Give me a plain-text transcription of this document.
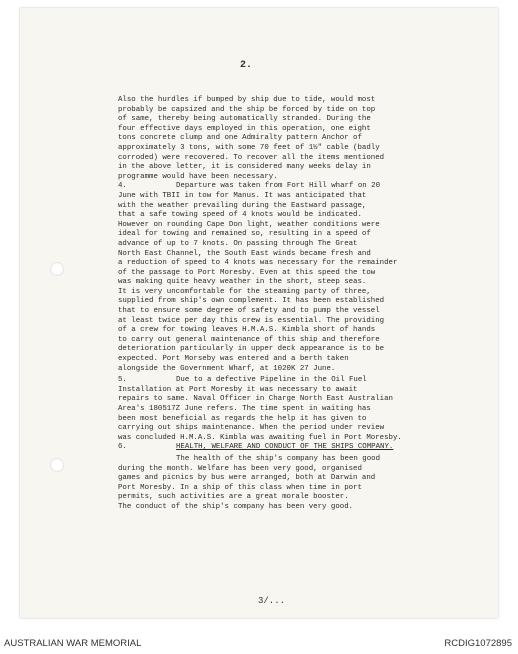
2.
Also the hurdles if bumped by ship due to tide, would most
probably be capsized and the ship be forced by tide on top
of same, thereby being automatically stranded. During the
four effective days employed in this operation, one eight
tons concrete clump and one Admiralty pattern Anchor of
approximately 3 tons, with some 70 feet of 1½" cable (badly
corroded) were recovered. To recover all the items mentioned
in the above letter, it is considered many weeks delay in
programme would have been necessary.
4.	Departure was taken from Fort Hill wharf on 20
June with TBII in tow for Manus. It was anticipated that
with the weather prevailing during the Eastward passage,
that a safe towing speed of 4 knots would be indicated.
However on rounding Cape Don light, weather conditions were
ideal for towing and remained so, resulting in a speed of
advance of up to 7 knots. On passing through The Great
North East Channel, the South East winds became fresh and
a reduction of speed to 4 knots was necessary for the remainder
of the passage to Port Moresby. Even at this speed the tow
was making quite heavy weather in the short, steep seas.
It is very uncomfortable for the steaming party of three,
supplied from ship's own complement. It has been established
that to ensure some degree of safety and to pump the vessel
at least twice per day this crew is essential. The providing
of a crew for towing leaves H.M.A.S. Kimbla short of hands
to carry out general maintenance of this ship and therefore
deterioration particularly in upper deck appearance is to be
expected. Port Morseby was entered and a berth taken
alongside the Government Wharf, at 1020K 27 June.
5.	Due to a defective Pipeline in the Oil Fuel
Installation at Port Moresby it was necessary to await
repairs to same. Naval Officer in Charge North East Australian
Area's 180517Z June refers. The time spent in waiting has
been most beneficial as regards the help it has given to
carrying out ships maintenance. When the period under review
was concluded H.M.A.S. Kimbla was awaiting fuel in Port Moresby.
6.	HEALTH, WELFARE AND CONDUCT OF THE SHIPS COMPANY.
The health of the ship's company has been good
during the month. Welfare has been very good, organised
games and picnics by bus were arranged, both at Darwin and
Port Moresby. In a ship of this class when time in port
permits, such activities are a great morale booster.
The conduct of the ship's company has been very good.
3/...
AUSTRALIAN WAR MEMORIAL	RCDIG1072895
